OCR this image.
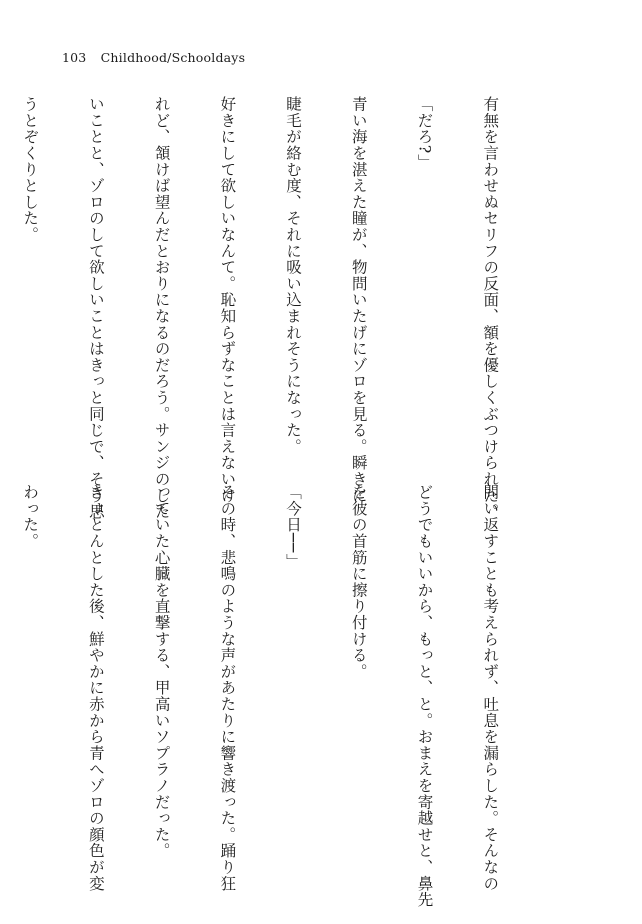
103 Childhood/Schooldays

有無を言わせぬセリフの反面、額を優しくぶつけられた。

「だろ?」

青い海を湛えた瞳が、物問いたげにゾロを見る。瞬きに

睫毛が絡む度、それに吸い込まれそうになった。

好きにして欲しいなんて。恥知らずなことは言えないけ

れど、頷けば望んだとおりになるのだろう。サンジのした

いことと、ゾロのして欲しいことはきっと同じで、そう思

うとぞくりとした。

問い返すことも考えられず、吐息を漏らした。そんなの

どうでもいいから、もっと、と。おまえを寄越せと、鼻先

を彼の首筋に擦り付ける。

「今日──」

その時、悲鳴のような声があたりに響き渡った。踊り狂

っていた心臓を直撃する、甲高いソプラノだった。

きょとんとした後、鮮やかに赤から青へゾロの顔色が変

わった。
